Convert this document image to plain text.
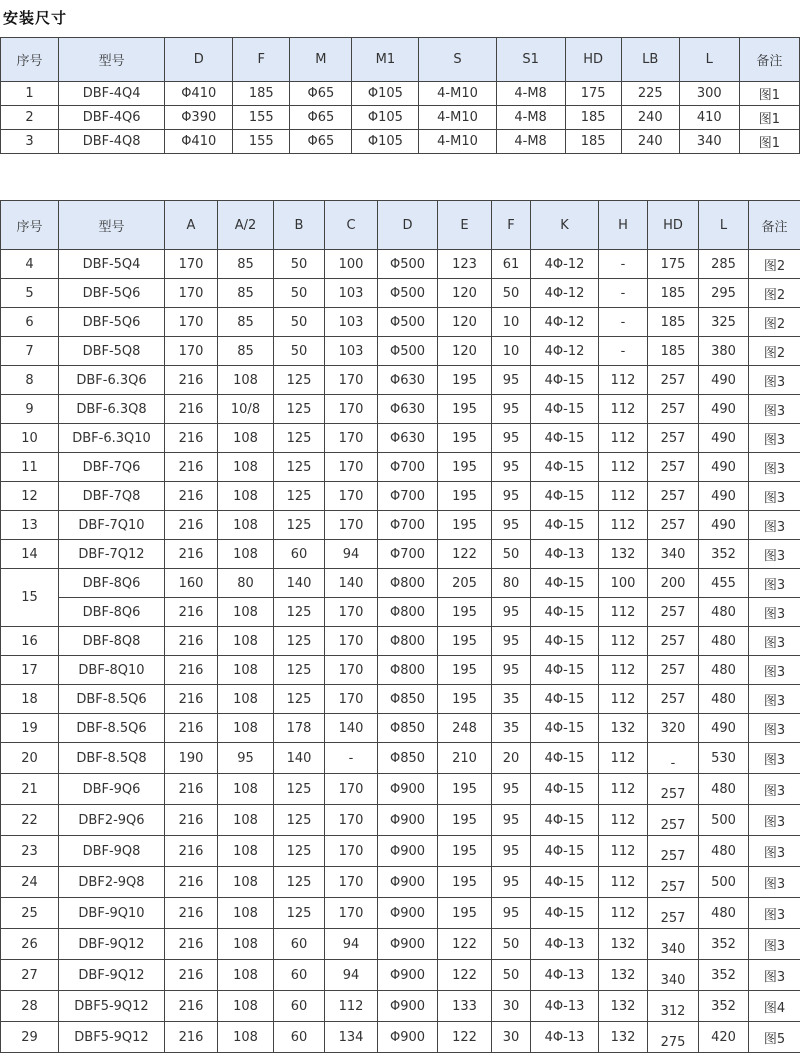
安装尺寸
序号	型号	D	F	M	M1	S	S1	HD	LB	L	备注
1	DBF-4Q4	Φ410	185	Φ65	Φ105	4-M10	4-M8	175	225	300	图1
2	DBF-4Q6	Φ390	155	Φ65	Φ105	4-M10	4-M8	185	240	410	图1
3	DBF-4Q8	Φ410	155	Φ65	Φ105	4-M10	4-M8	185	240	340	图1
序号	型号	A	A/2	B	C	D	E	F	K	H	HD	L	备注
4	DBF-5Q4	170	85	50	100	Φ500	123	61	4Φ-12	-	175	285	图2
5	DBF-5Q6	170	85	50	103	Φ500	120	50	4Φ-12	-	185	295	图2
6	DBF-5Q6	170	85	50	103	Φ500	120	10	4Φ-12	-	185	325	图2
7	DBF-5Q8	170	85	50	103	Φ500	120	10	4Φ-12	-	185	380	图2
8	DBF-6.3Q6	216	108	125	170	Φ630	195	95	4Φ-15	112	257	490	图3
9	DBF-6.3Q8	216	10/8	125	170	Φ630	195	95	4Φ-15	112	257	490	图3
10	DBF-6.3Q10	216	108	125	170	Φ630	195	95	4Φ-15	112	257	490	图3
11	DBF-7Q6	216	108	125	170	Φ700	195	95	4Φ-15	112	257	490	图3
12	DBF-7Q8	216	108	125	170	Φ700	195	95	4Φ-15	112	257	490	图3
13	DBF-7Q10	216	108	125	170	Φ700	195	95	4Φ-15	112	257	490	图3
14	DBF-7Q12	216	108	60	94	Φ700	122	50	4Φ-13	132	340	352	图3
15	DBF-8Q6	160	80	140	140	Φ800	205	80	4Φ-15	100	200	455	图3
	DBF-8Q6	216	108	125	170	Φ800	195	95	4Φ-15	112	257	480	图3
16	DBF-8Q8	216	108	125	170	Φ800	195	95	4Φ-15	112	257	480	图3
17	DBF-8Q10	216	108	125	170	Φ800	195	95	4Φ-15	112	257	480	图3
18	DBF-8.5Q6	216	108	125	170	Φ850	195	35	4Φ-15	112	257	480	图3
19	DBF-8.5Q6	216	108	178	140	Φ850	248	35	4Φ-15	132	320	490	图3
20	DBF-8.5Q8	190	95	140	-	Φ850	210	20	4Φ-15	112	-	530	图3
21	DBF-9Q6	216	108	125	170	Φ900	195	95	4Φ-15	112	257	480	图3
22	DBF2-9Q6	216	108	125	170	Φ900	195	95	4Φ-15	112	257	500	图3
23	DBF-9Q8	216	108	125	170	Φ900	195	95	4Φ-15	112	257	480	图3
24	DBF2-9Q8	216	108	125	170	Φ900	195	95	4Φ-15	112	257	500	图3
25	DBF-9Q10	216	108	125	170	Φ900	195	95	4Φ-15	112	257	480	图3
26	DBF-9Q12	216	108	60	94	Φ900	122	50	4Φ-13	132	340	352	图3
27	DBF-9Q12	216	108	60	94	Φ900	122	50	4Φ-13	132	340	352	图3
28	DBF5-9Q12	216	108	60	112	Φ900	133	30	4Φ-13	132	312	352	图4
29	DBF5-9Q12	216	108	60	134	Φ900	122	30	4Φ-13	132	275	420	图5
